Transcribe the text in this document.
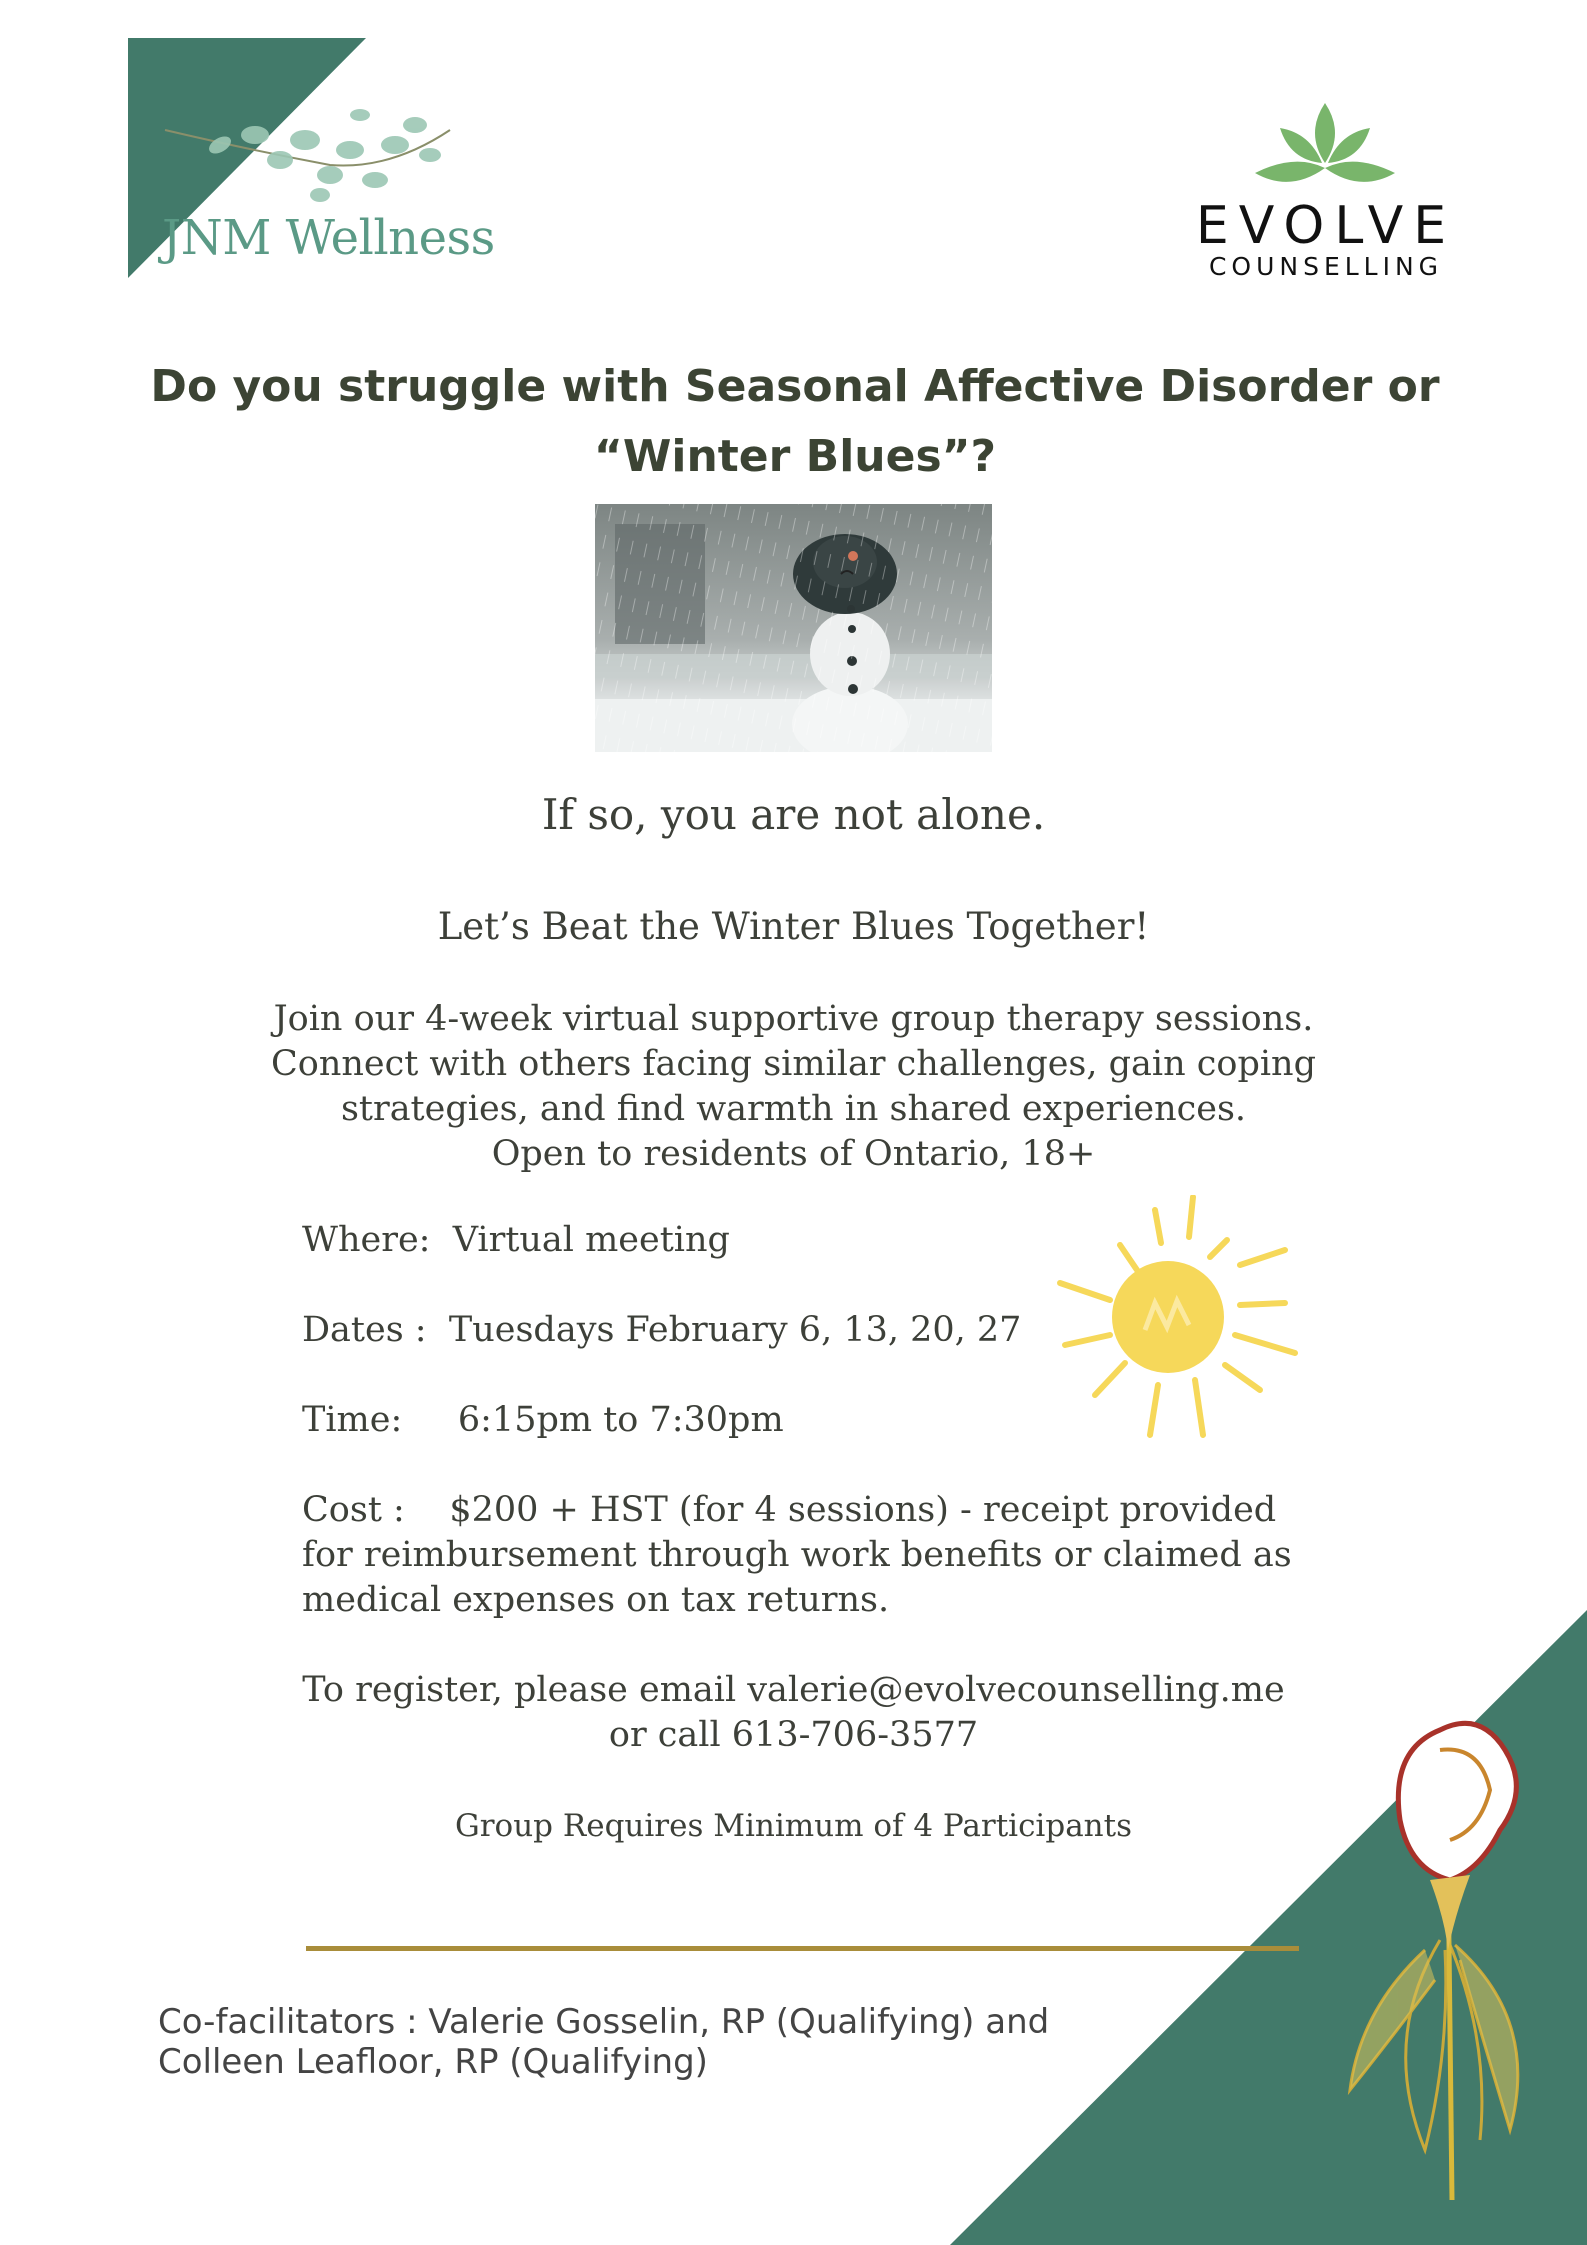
JNM Wellness	EVOLVE
COUNSELLING
Do you struggle with Seasonal Affective Disorder or
“Winter Blues”?
If so, you are not alone.
Let’s Beat the Winter Blues Together!
Join our 4-week virtual supportive group therapy sessions.
Connect with others facing similar challenges, gain coping
strategies, and find warmth in shared experiences.
Open to residents of Ontario, 18+
Where: Virtual meeting
Dates : Tuesdays February 6, 13, 20, 27
Time: 6:15pm to 7:30pm
Cost : $200 + HST (for 4 sessions) - receipt provided for reimbursement through work benefits or claimed as medical expenses on tax returns.
To register, please email valerie@evolvecounselling.me
or call 613-706-3577
Group Requires Minimum of 4 Participants
Co-facilitators : Valerie Gosselin, RP (Qualifying) and
Colleen Leafloor, RP (Qualifying)
